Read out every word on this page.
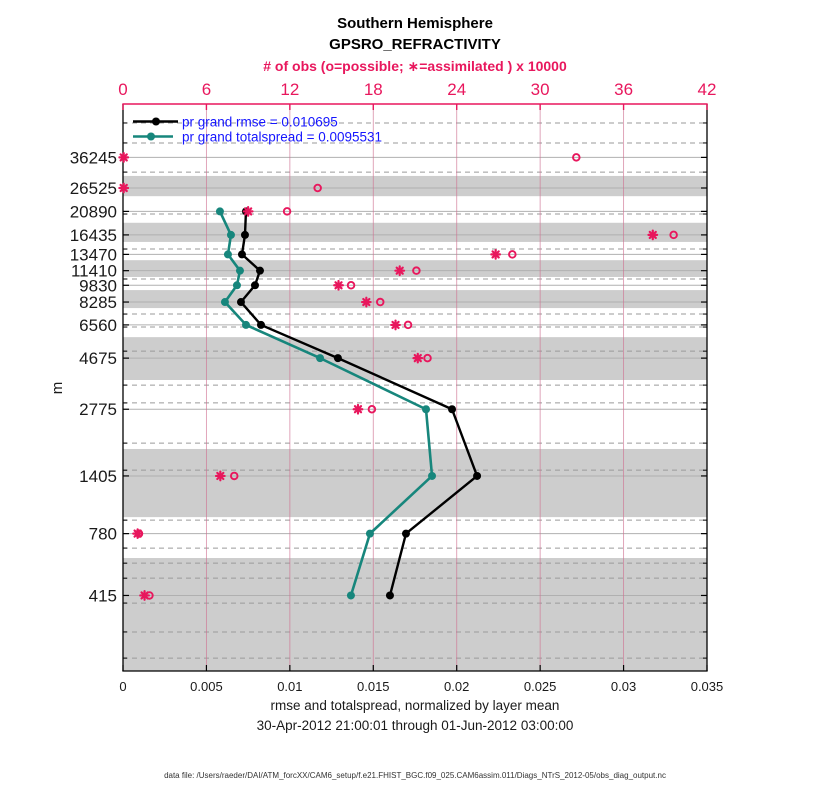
36245
26525
20890
16435
13470
11410
9830
8285
6560
4675
2775
1405
780
415
0	0.005	0.01	0.015	0.02	0.025	0.03	0.035
0	6	12	18	24	30	36	42
pr grand rmse = 0.010695
pr grand totalspread = 0.0095531
Southern Hemisphere
GPSRO_REFRACTIVITY
# of obs (o=possible; ∗=assimilated ) x 10000
m
rmse and totalspread, normalized by layer mean
30-Apr-2012 21:00:01 through 01-Jun-2012 03:00:00
data file: /Users/raeder/DAI/ATM_forcXX/CAM6_setup/f.e21.FHIST_BGC.f09_025.CAM6assim.011/Diags_NTrS_2012-05/obs_diag_output.nc
